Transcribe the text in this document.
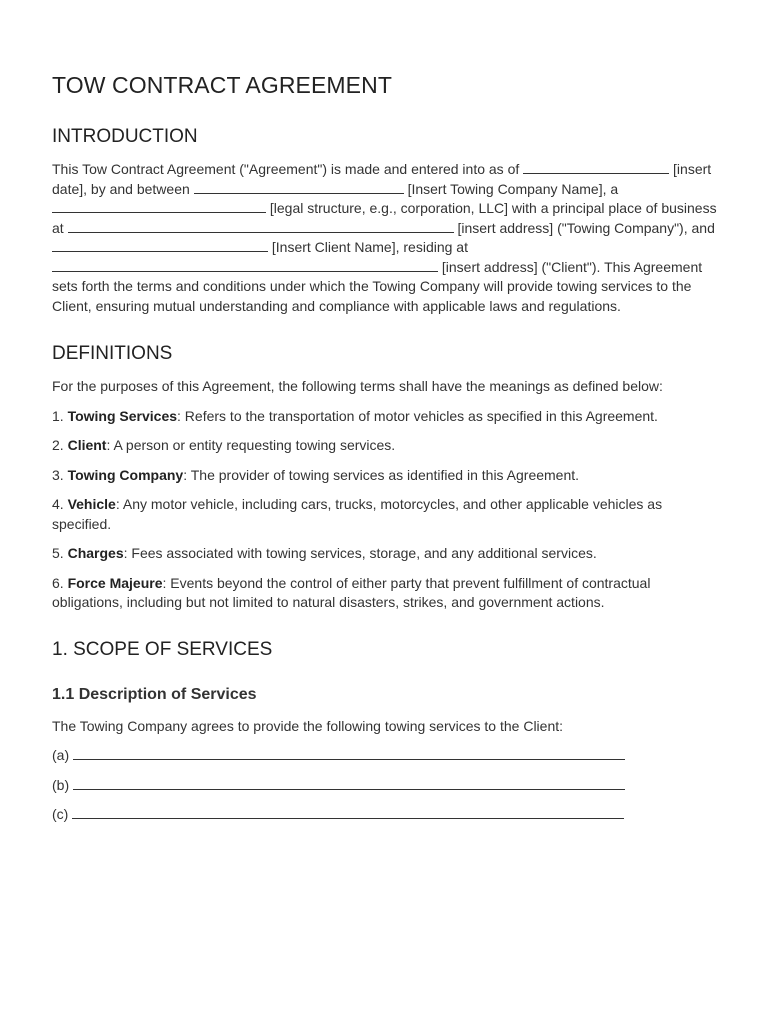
TOW CONTRACT AGREEMENT
INTRODUCTION

This Tow Contract Agreement ("Agreement") is made and entered into as of	[insert date], by and between	[Insert Towing Company Name], a  [legal structure, e.g., corporation, LLC] with a principal place of business at	[insert address] ("Towing Company"), and  [Insert Client Name], residing at  [insert address] ("Client"). This Agreement sets forth the terms and conditions under which the Towing Company will provide towing services to the Client, ensuring mutual understanding and compliance with applicable laws and regulations.

DEFINITIONS

For the purposes of this Agreement, the following terms shall have the meanings as defined below:

1. Towing Services: Refers to the transportation of motor vehicles as specified in this Agreement.

2. Client: A person or entity requesting towing services.

3. Towing Company: The provider of towing services as identified in this Agreement.

4. Vehicle: Any motor vehicle, including cars, trucks, motorcycles, and other applicable vehicles as specified.

5. Charges: Fees associated with towing services, storage, and any additional services.

6. Force Majeure: Events beyond the control of either party that prevent fulfillment of contractual obligations, including but not limited to natural disasters, strikes, and government actions.

1. SCOPE OF SERVICES
1.1 Description of Services

The Towing Company agrees to provide the following towing services to the Client:

(a)

(b)

(c)
